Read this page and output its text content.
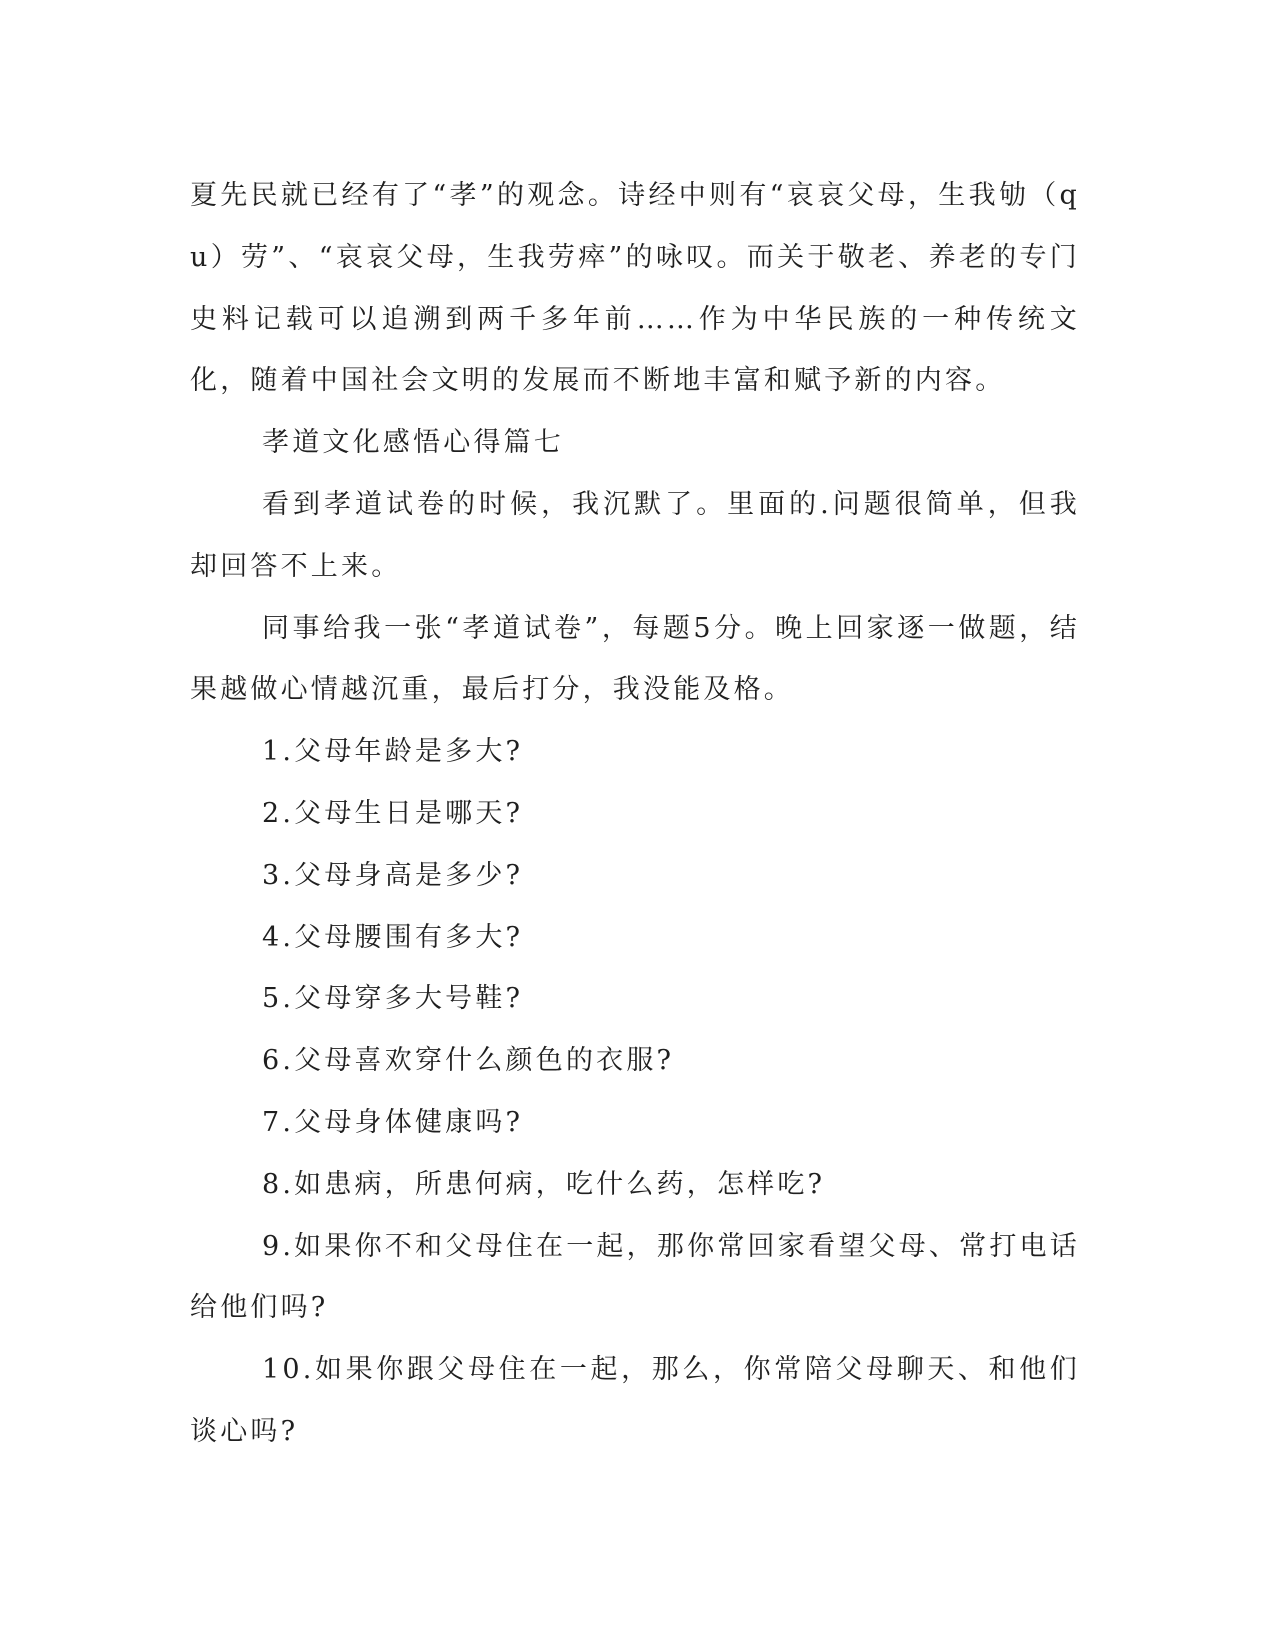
夏先民就已经有了“孝”的观念。诗经中则有“哀哀父母，生我劬（qu）劳”、“哀哀父母，生我劳瘁”的咏叹。而关于敬老、养老的专门史料记载可以追溯到两千多年前……作为中华民族的一种传统文化，随着中国社会文明的发展而不断地丰富和赋予新的内容。

孝道文化感悟心得篇七

看到孝道试卷的时候，我沉默了。里面的.问题很简单，但我却回答不上来。

同事给我一张“孝道试卷”，每题5分。晚上回家逐一做题，结果越做心情越沉重，最后打分，我没能及格。

1.父母年龄是多大?

2.父母生日是哪天?

3.父母身高是多少?

4.父母腰围有多大?

5.父母穿多大号鞋?

6.父母喜欢穿什么颜色的衣服?

7.父母身体健康吗?

8.如患病，所患何病，吃什么药，怎样吃?

9.如果你不和父母住在一起，那你常回家看望父母、常打电话给他们吗?

10.如果你跟父母住在一起，那么，你常陪父母聊天、和他们谈心吗?
